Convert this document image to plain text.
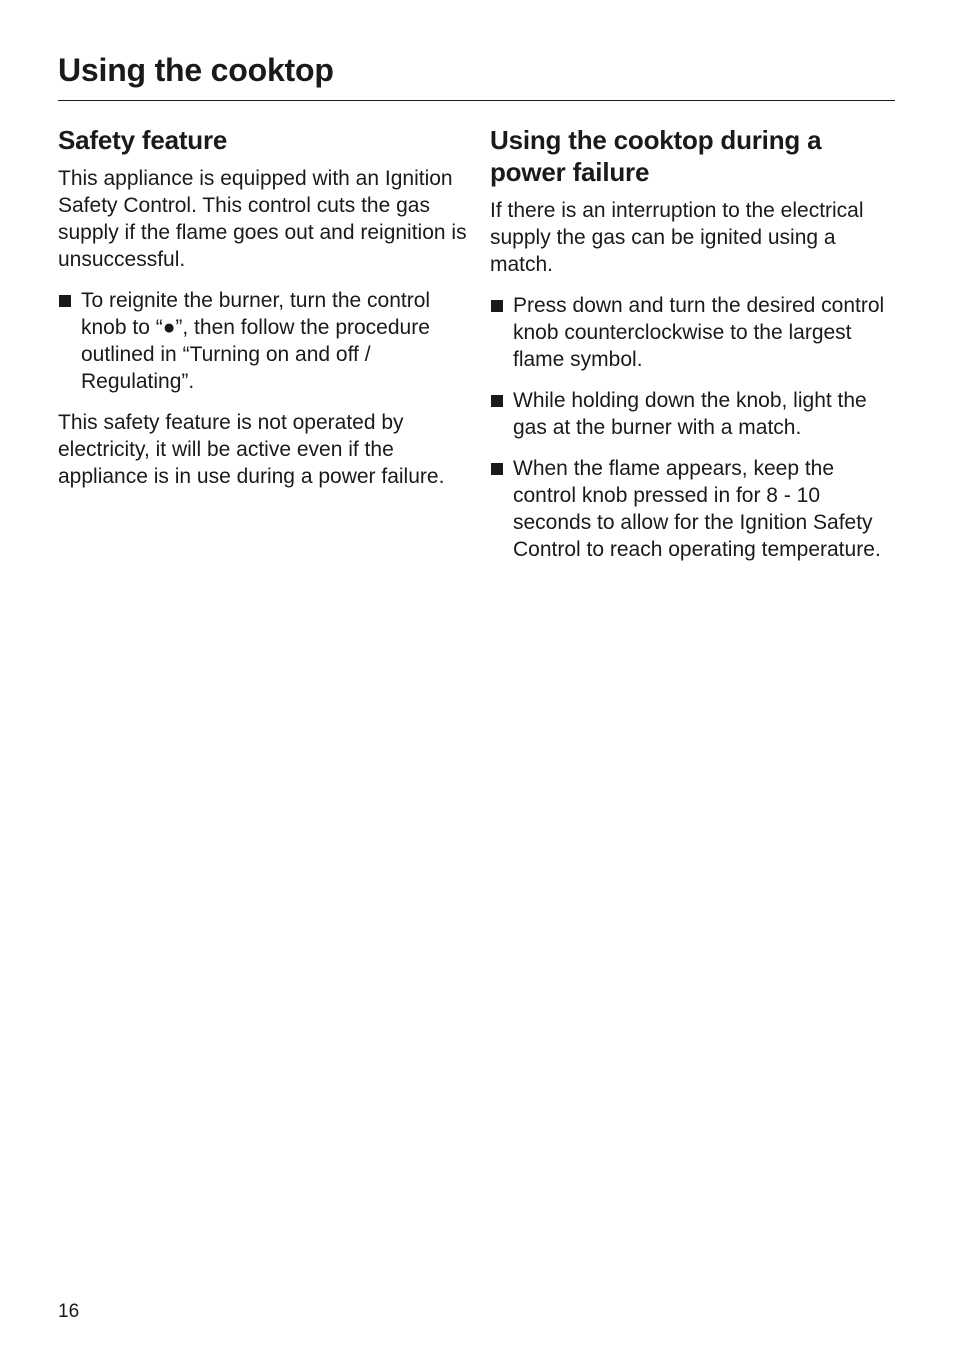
Using the cooktop
Safety feature

This appliance is equipped with an Ignition Safety Control. This control cuts the gas supply if the flame goes out and reignition is unsuccessful.

To reignite the burner, turn the control knob to “●”, then follow the procedure outlined in “Turning on and off / Regulating”.

This safety feature is not operated by electricity, it will be active even if the appliance is in use during a power failure.

Using the cooktop during a power failure

If there is an interruption to the electrical supply the gas can be ignited using a match.

Press down and turn the desired control knob counterclockwise to the largest flame symbol.
While holding down the knob, light the gas at the burner with a match.
When the flame appears, keep the control knob pressed in for 8 - 10 seconds to allow for the Ignition Safety Control to reach operating temperature.
16
